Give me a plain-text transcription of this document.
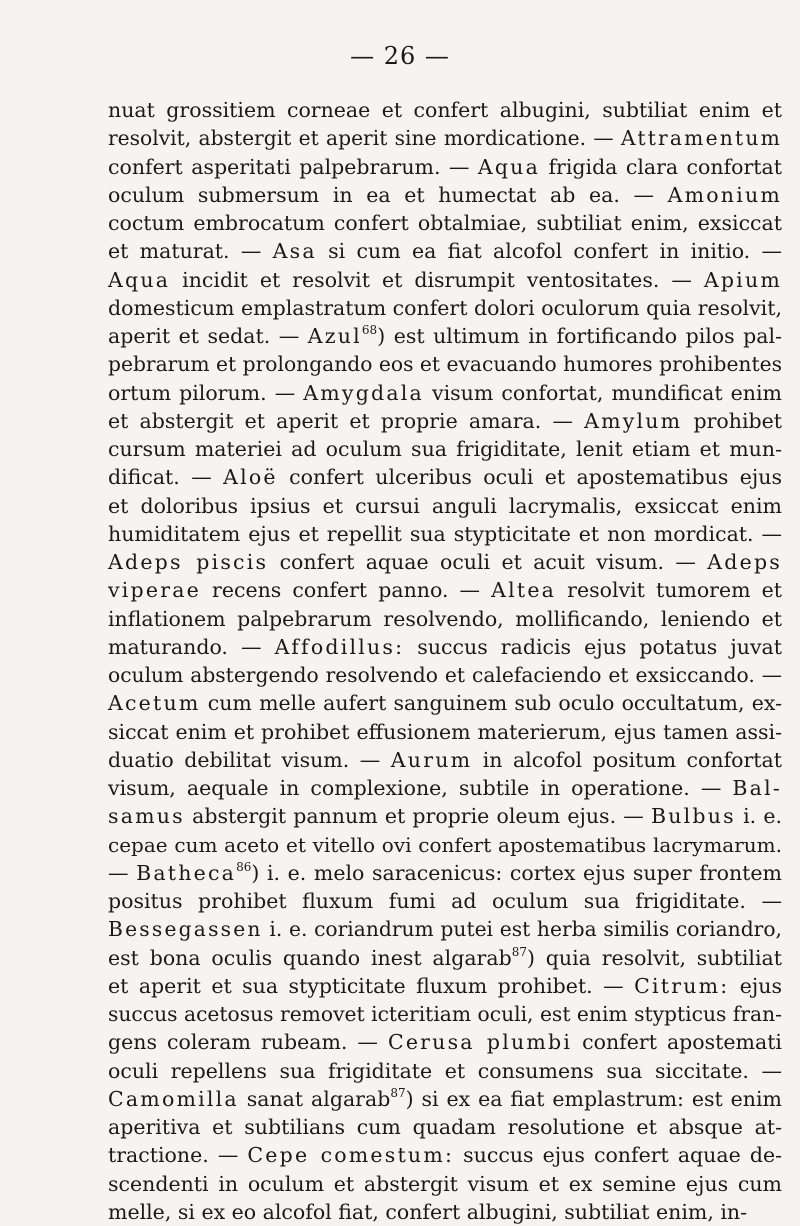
— 26 —
nuat grossitiem corneae et confert albugini, subtiliat enim et
resolvit, abstergit et aperit sine mordicatione. — Attramentum
confert asperitati palpebrarum. — Aqua frigida clara confortat
oculum submersum in ea et humectat ab ea. — Amonium
coctum embrocatum confert obtalmiae, subtiliat enim, exsiccat
et maturat. — Asa si cum ea fiat alcofol confert in initio. —
Aqua incidit et resolvit et disrumpit ventositates. — Apium
domesticum emplastratum confert dolori oculorum quia resolvit,
aperit et sedat. — Azul$^{68}$) est ultimum in fortificando pilos pal-
pebrarum et prolongando eos et evacuando humores prohibentes
ortum pilorum. — Amygdala visum confortat, mundificat enim
et abstergit et aperit et proprie amara. — Amylum prohibet
cursum materiei ad oculum sua frigiditate, lenit etiam et mun-
dificat. — Aloë confert ulceribus oculi et apostematibus ejus
et doloribus ipsius et cursui anguli lacrymalis, exsiccat enim
humiditatem ejus et repellit sua stypticitate et non mordicat. —
Adeps piscis confert aquae oculi et acuit visum. — Adeps
viperae recens confert panno. — Altea resolvit tumorem et
inflationem palpebrarum resolvendo, mollificando, leniendo et
maturando. — Affodillus: succus radicis ejus potatus juvat
oculum abstergendo resolvendo et calefaciendo et exsiccando. —
Acetum cum melle aufert sanguinem sub oculo occultatum, ex-
siccat enim et prohibet effusionem materierum, ejus tamen assi-
duatio debilitat visum. — Aurum in alcofol positum confortat
visum, aequale in complexione, subtile in operatione. — Bal-
samus abstergit pannum et proprie oleum ejus. — Bulbus i. e.
cepae cum aceto et vitello ovi confert apostematibus lacrymarum.
— Batheca$^{86}$) i. e. melo saracenicus: cortex ejus super frontem
positus prohibet fluxum fumi ad oculum sua frigiditate. —
Bessegassen i. e. coriandrum putei est herba similis coriandro,
est bona oculis quando inest algarab$^{87}$) quia resolvit, subtiliat
et aperit et sua stypticitate fluxum prohibet. — Citrum: ejus
succus acetosus removet icteritiam oculi, est enim stypticus fran-
gens coleram rubeam. — Cerusa plumbi confert apostemati
oculi repellens sua frigiditate et consumens sua siccitate. —
Camomilla sanat algarab$^{87}$) si ex ea fiat emplastrum: est enim
aperitiva et subtilians cum quadam resolutione et absque at-
tractione. — Cepe comestum: succus ejus confert aquae de-
scendenti in oculum et abstergit visum et ex semine ejus cum
melle, si ex eo alcofol fiat, confert albugini, subtiliat enim, in-
